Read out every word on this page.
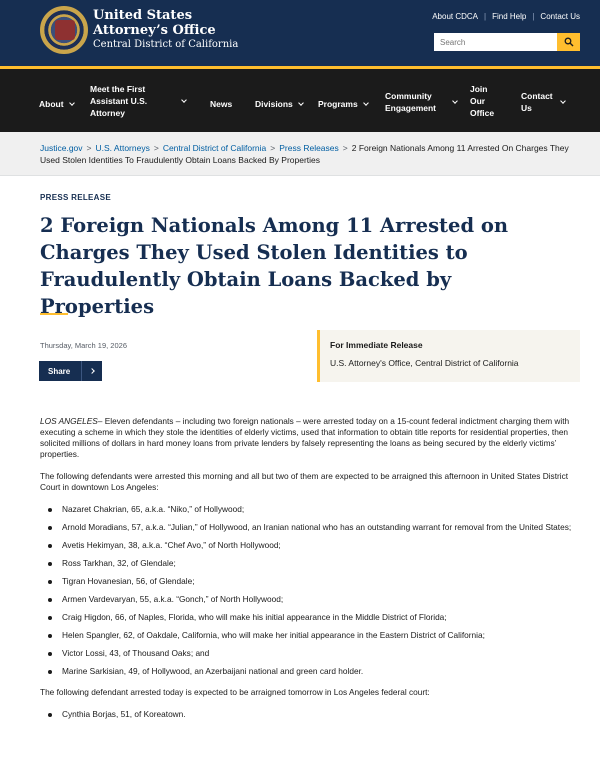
United States
Attorney’s Office
Central District of California
About CDCA | Find Help | Contact Us
Search
About
Meet the First Assistant U.S. Attorney
News	Divisions	Programs
Community Engagement
Join Our Office
Contact Us
Justice.gov > U.S. Attorneys > Central District of California > Press Releases > 2 Foreign Nationals Among 11 Arrested On Charges They Used Stolen Identities To Fraudulently Obtain Loans Backed By Properties
PRESS RELEASE
2 Foreign Nationals Among 11 Arrested on Charges They Used Stolen Identities to Fraudulently Obtain Loans Backed by Properties
Thursday, March 19, 2026
Share
For Immediate Release
U.S. Attorney's Office, Central District of California

LOS ANGELES– Eleven defendants – including two foreign nationals – were arrested today on a 15-count federal indictment charging them with executing a scheme in which they stole the identities of elderly victims, used that information to obtain title reports for residential properties, then solicited millions of dollars in hard money loans from private lenders by falsely representing the loans as being secured by the elderly victims’ properties.

The following defendants were arrested this morning and all but two of them are expected to be arraigned this afternoon in United States District Court in downtown Los Angeles:

Nazaret Chakrian, 65, a.k.a. “Niko,” of Hollywood;
Arnold Moradians, 57, a.k.a. “Julian,” of Hollywood, an Iranian national who has an outstanding warrant for removal from the United States;
Avetis Hekimyan, 38, a.k.a. “Chef Avo,” of North Hollywood;
Ross Tarkhan, 32, of Glendale;
Tigran Hovanesian, 56, of Glendale;
Armen Vardevaryan, 55, a.k.a. “Gonch,” of North Hollywood;
Craig Higdon, 66, of Naples, Florida, who will make his initial appearance in the Middle District of Florida;
Helen Spangler, 62, of Oakdale, California, who will make her initial appearance in the Eastern District of California;
Victor Lossi, 43, of Thousand Oaks; and
Marine Sarkisian, 49, of Hollywood, an Azerbaijani national and green card holder.

The following defendant arrested today is expected to be arraigned tomorrow in Los Angeles federal court:

Cynthia Borjas, 51, of Koreatown.
